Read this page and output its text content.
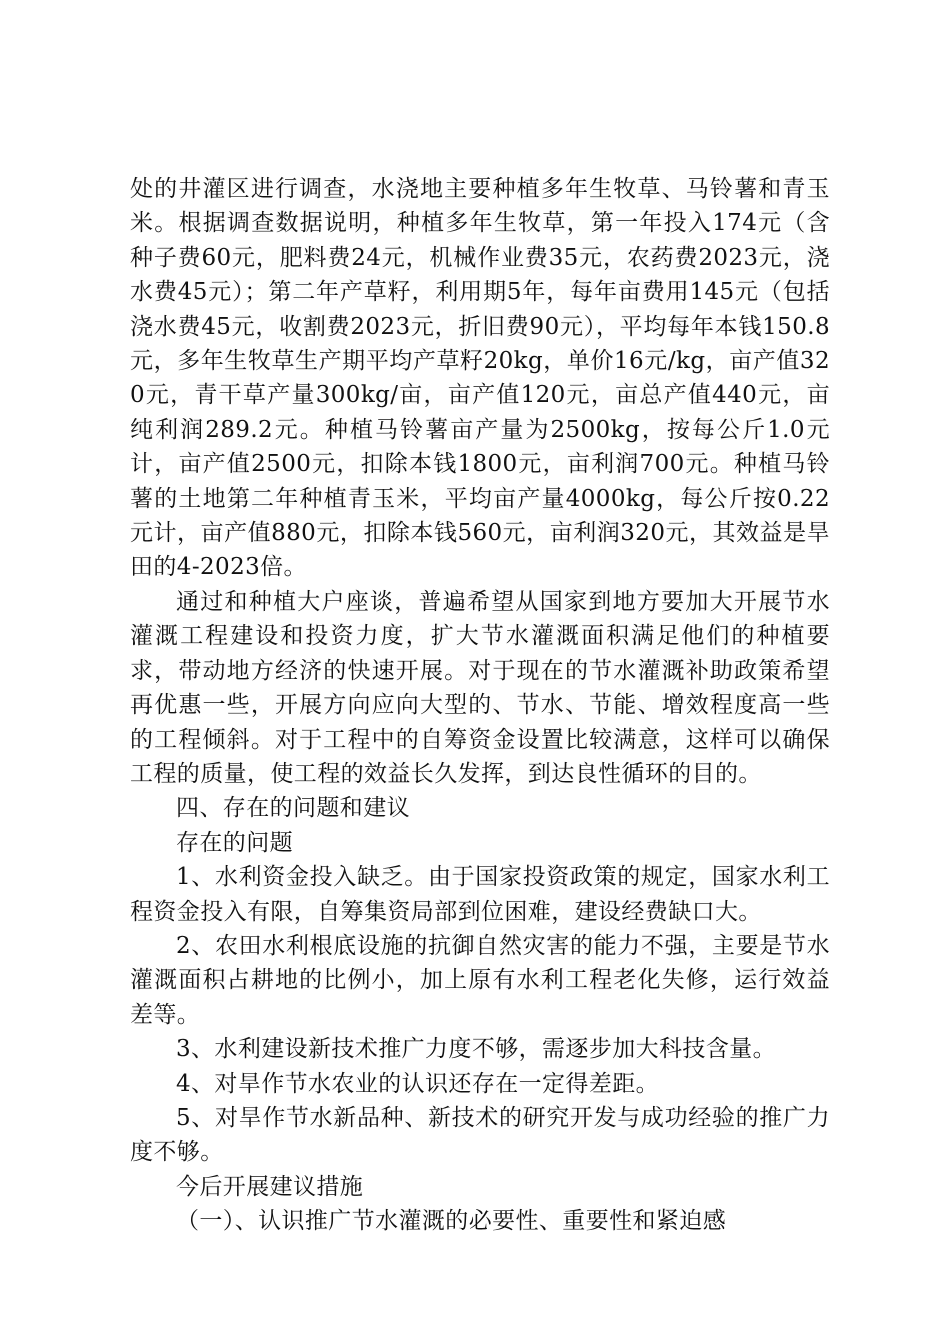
处的井灌区进行调查，水浇地主要种植多年生牧草、马铃薯和青玉米。根据调查数据说明，种植多年生牧草，第一年投入174元（含种子费60元，肥料费24元，机械作业费35元，农药费2023元，浇水费45元）；第二年产草籽，利用期5年，每年亩费用145元（包括浇水费45元，收割费2023元，折旧费90元），平均每年本钱150.8元，多年生牧草生产期平均产草籽20kg，单价16元/kg，亩产值320元，青干草产量300kg/亩，亩产值120元，亩总产值440元，亩纯利润289.2元。种植马铃薯亩产量为2500kg，按每公斤1.0元计，亩产值2500元，扣除本钱1800元，亩利润700元。种植马铃薯的土地第二年种植青玉米，平均亩产量4000kg，每公斤按0.22元计，亩产值880元，扣除本钱560元，亩利润320元，其效益是旱田的4-2023倍。

通过和种植大户座谈，普遍希望从国家到地方要加大开展节水灌溉工程建设和投资力度，扩大节水灌溉面积满足他们的种植要求，带动地方经济的快速开展。对于现在的节水灌溉补助政策希望再优惠一些，开展方向应向大型的、节水、节能、增效程度高一些的工程倾斜。对于工程中的自筹资金设置比较满意，这样可以确保工程的质量，使工程的效益长久发挥，到达良性循环的目的。

四、存在的问题和建议

存在的问题

1、水利资金投入缺乏。由于国家投资政策的规定，国家水利工程资金投入有限，自筹集资局部到位困难，建设经费缺口大。

2、农田水利根底设施的抗御自然灾害的能力不强，主要是节水灌溉面积占耕地的比例小，加上原有水利工程老化失修，运行效益差等。

3、水利建设新技术推广力度不够，需逐步加大科技含量。

4、对旱作节水农业的认识还存在一定得差距。

5、对旱作节水新品种、新技术的研究开发与成功经验的推广力度不够。

今后开展建议措施

（一）、认识推广节水灌溉的必要性、重要性和紧迫感
